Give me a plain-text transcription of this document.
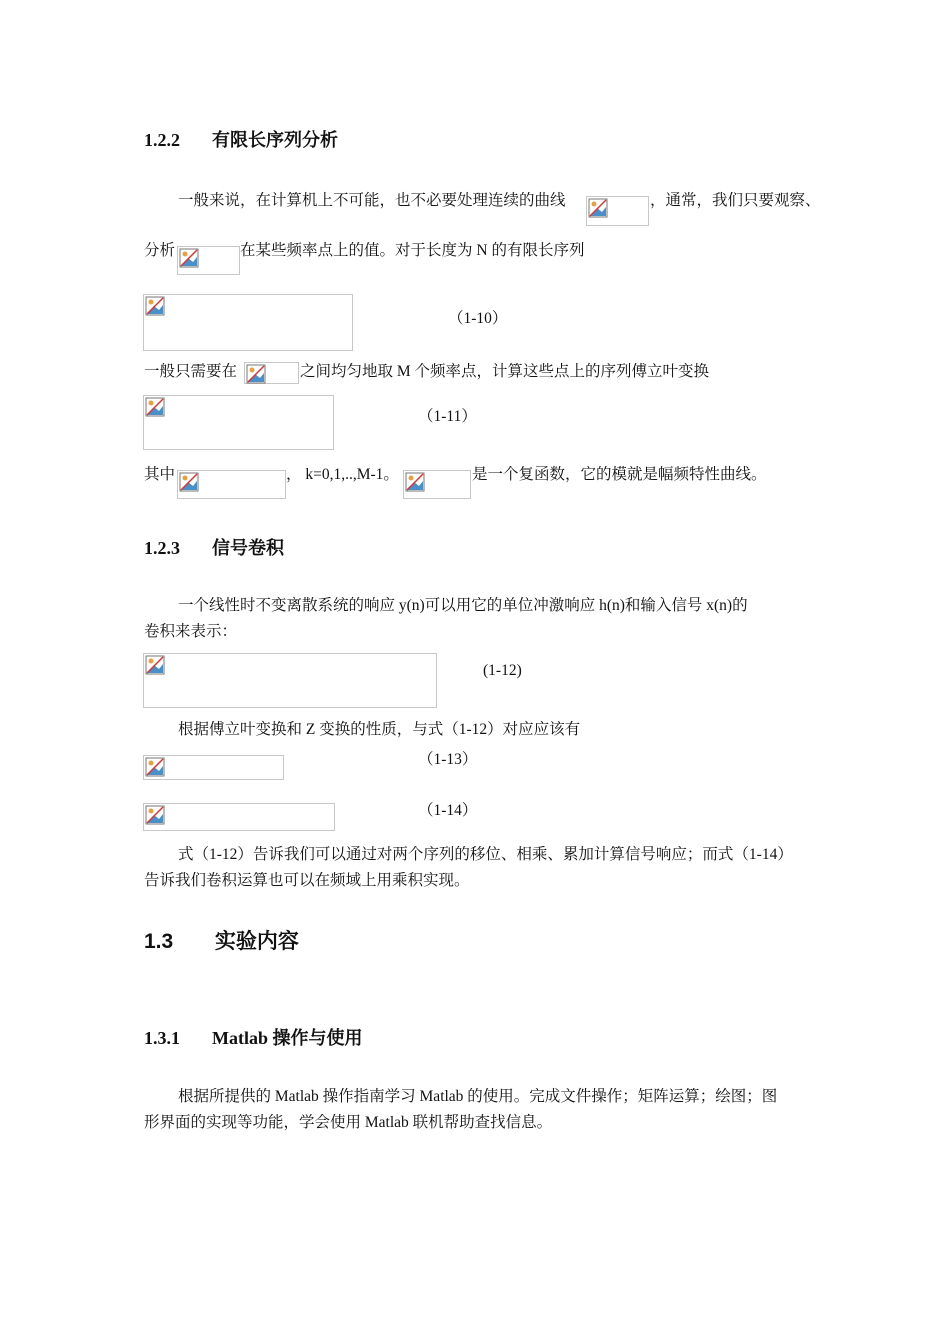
1.2.2 有限长序列分析
一般来说，在计算机上不可能，也不必要处理连续的曲线	，通常，我们只要观察、
分析	在某些频率点上的值。对于长度为 N 的有限长序列
（1-10）
一般只需要在	之间均匀地取 M 个频率点，计算这些点上的序列傅立叶变换
（1-11）
其中	， k=0,1,..,M-1。	是一个复函数，它的模就是幅频特性曲线。
1.2.3 信号卷积
一个线性时不变离散系统的响应 y(n)可以用它的单位冲激响应 h(n)和输入信号 x(n)的
卷积来表示：
(1-12)
根据傅立叶变换和 Z 变换的性质，与式（1-12）对应应该有
（1-13）
（1-14）
式（1-12）告诉我们可以通过对两个序列的移位、相乘、累加计算信号响应；而式（1-14）
告诉我们卷积运算也可以在频域上用乘积实现。
1.3 实验内容
1.3.1 Matlab 操作与使用
根据所提供的 Matlab 操作指南学习 Matlab 的使用。完成文件操作；矩阵运算；绘图；图
形界面的实现等功能，学会使用 Matlab 联机帮助查找信息。
